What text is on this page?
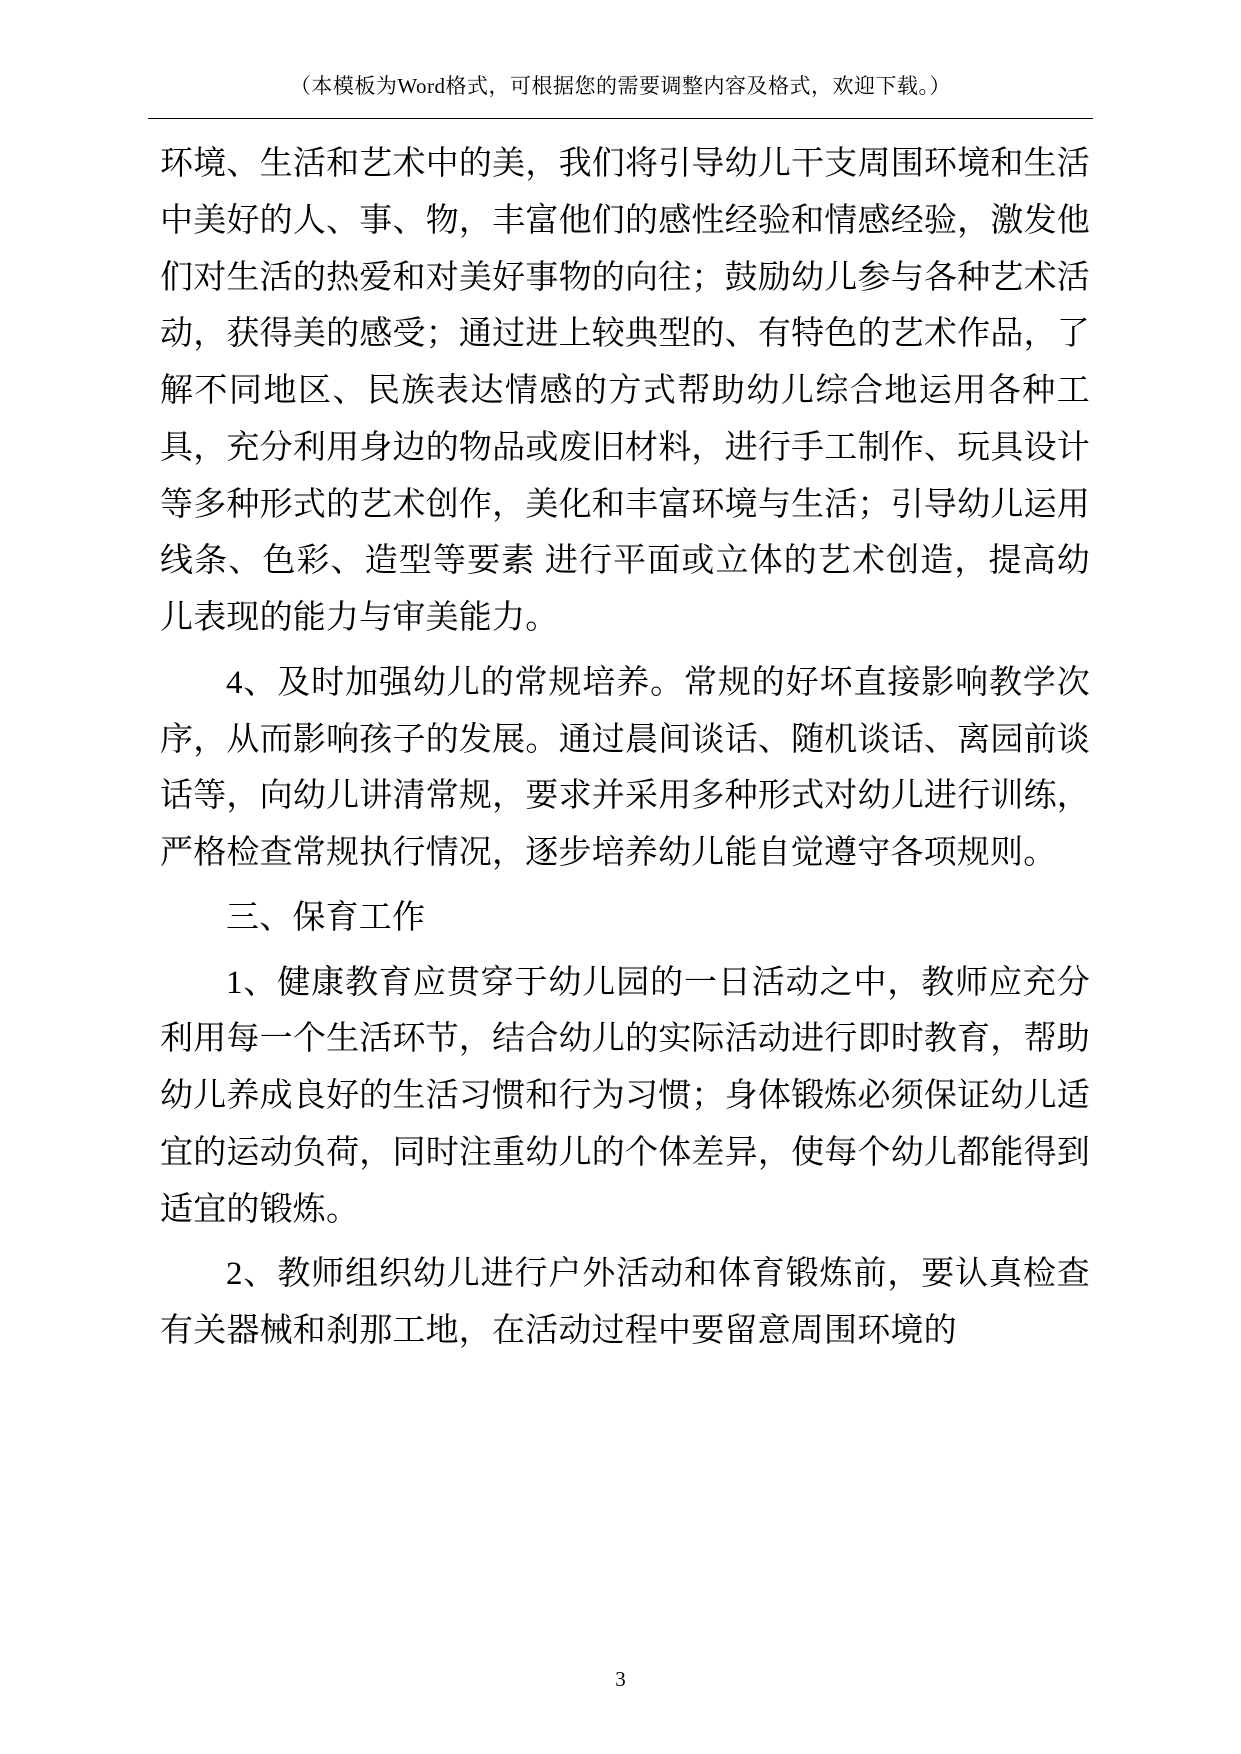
（本模板为Word格式，可根据您的需要调整内容及格式，欢迎下载。）

环境、生活和艺术中的美，我们将引导幼儿干支周围环境和生活中美好的人、事、物，丰富他们的感性经验和情感经验，激发他们对生活的热爱和对美好事物的向往；鼓励幼儿参与各种艺术活动，获得美的感受；通过进上较典型的、有特色的艺术作品，了解不同地区、民族表达情感的方式帮助幼儿综合地运用各种工具，充分利用身边的物品或废旧材料，进行手工制作、玩具设计等多种形式的艺术创作，美化和丰富环境与生活；引导幼儿运用线条、色彩、造型等要素 进行平面或立体的艺术创造，提高幼儿表现的能力与审美能力。

4、及时加强幼儿的常规培养。常规的好坏直接影响教学次序，从而影响孩子的发展。通过晨间谈话、随机谈话、离园前谈话等，向幼儿讲清常规，要求并采用多种形式对幼儿进行训练，严格检查常规执行情况，逐步培养幼儿能自觉遵守各项规则。

三、保育工作

1、健康教育应贯穿于幼儿园的一日活动之中，教师应充分利用每一个生活环节，结合幼儿的实际活动进行即时教育，帮助幼儿养成良好的生活习惯和行为习惯；身体锻炼必须保证幼儿适宜的运动负荷，同时注重幼儿的个体差异，使每个幼儿都能得到适宜的锻炼。

2、教师组织幼儿进行户外活动和体育锻炼前，要认真检查有关器械和刹那工地，在活动过程中要留意周围环境的

3
